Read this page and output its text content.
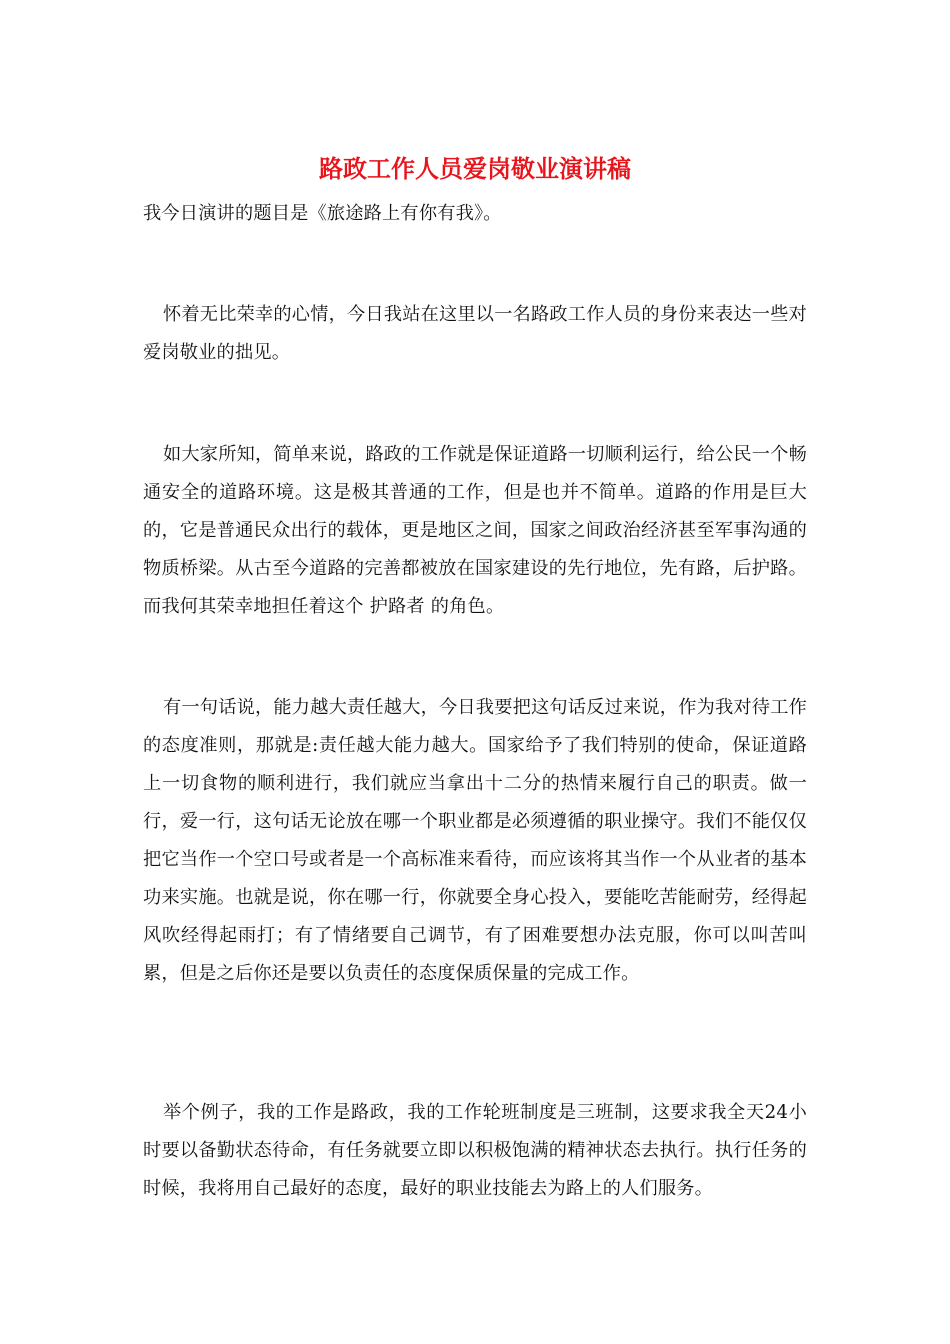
路政工作人员爱岗敬业演讲稿

我今日演讲的题目是《旅途路上有你有我》。

怀着无比荣幸的心情，今日我站在这里以一名路政工作人员的身份来表达一些对爱岗敬业的拙见。

如大家所知，简单来说，路政的工作就是保证道路一切顺利运行，给公民一个畅通安全的道路环境。这是极其普通的工作，但是也并不简单。道路的作用是巨大的，它是普通民众出行的载体，更是地区之间，国家之间政治经济甚至军事沟通的物质桥梁。从古至今道路的完善都被放在国家建设的先行地位，先有路，后护路。而我何其荣幸地担任着这个 护路者 的角色。

有一句话说，能力越大责任越大，今日我要把这句话反过来说，作为我对待工作的态度准则，那就是:责任越大能力越大。国家给予了我们特别的使命，保证道路上一切食物的顺利进行，我们就应当拿出十二分的热情来履行自己的职责。做一行，爱一行，这句话无论放在哪一个职业都是必须遵循的职业操守。我们不能仅仅把它当作一个空口号或者是一个高标准来看待，而应该将其当作一个从业者的基本功来实施。也就是说，你在哪一行，你就要全身心投入，要能吃苦能耐劳，经得起风吹经得起雨打；有了情绪要自己调节，有了困难要想办法克服，你可以叫苦叫累，但是之后你还是要以负责任的态度保质保量的完成工作。

举个例子，我的工作是路政，我的工作轮班制度是三班制，这要求我全天24小时要以备勤状态待命，有任务就要立即以积极饱满的精神状态去执行。执行任务的时候，我将用自己最好的态度，最好的职业技能去为路上的人们服务。
